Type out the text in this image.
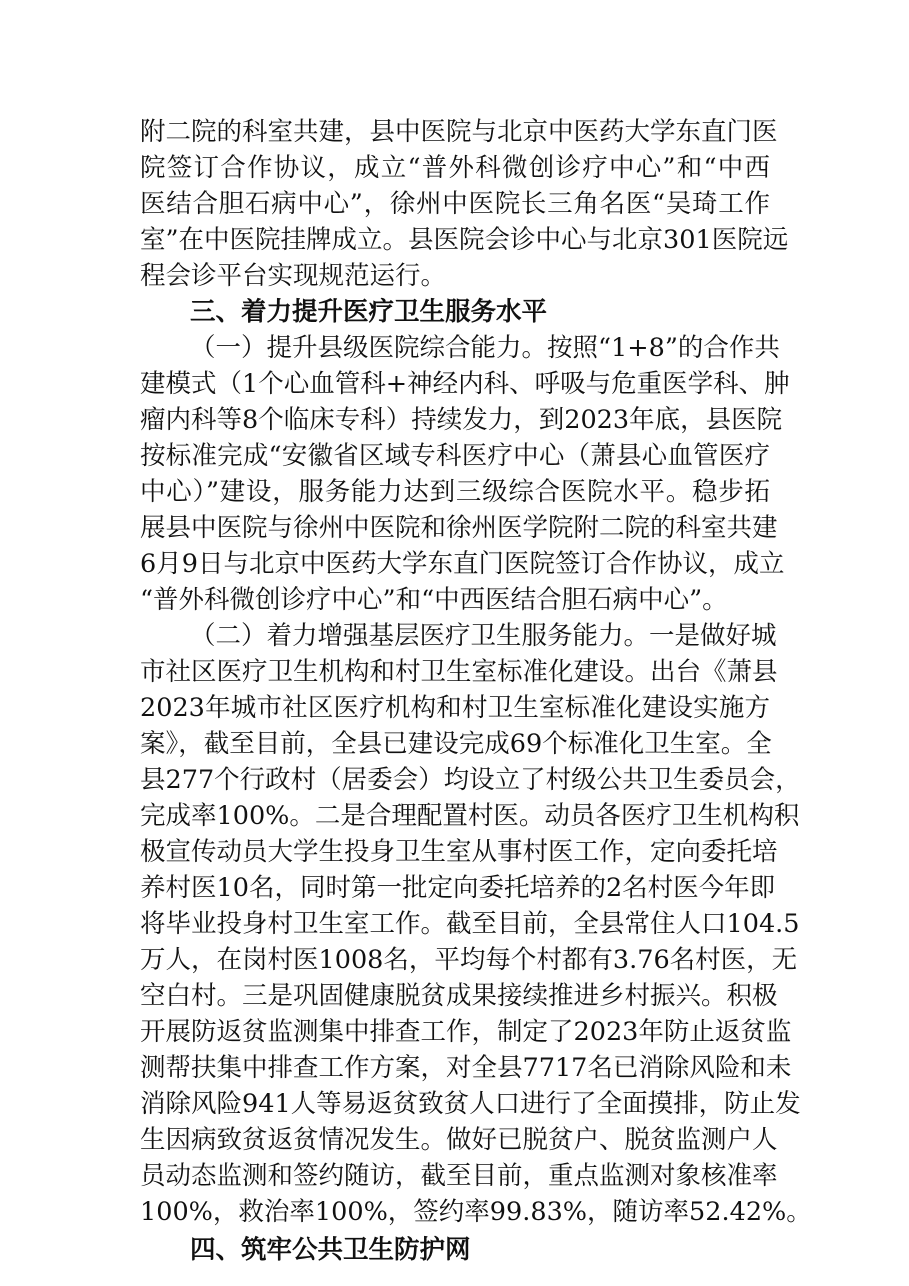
附二院的科室共建，县中医院与北京中医药大学东直门医
院签订合作协议，成立“普外科微创诊疗中心”和“中西
医结合胆石病中心”，徐州中医院长三角名医“吴琦工作
室”在中医院挂牌成立。县医院会诊中心与北京301医院远
程会诊平台实现规范运行。
三、着力提升医疗卫生服务水平
（一）提升县级医院综合能力。按照“1+8”的合作共
建模式（1个心血管科+神经内科、呼吸与危重医学科、肿
瘤内科等8个临床专科）持续发力，到2023年底，县医院
按标准完成“安徽省区域专科医疗中心（萧县心血管医疗
中心）”建设，服务能力达到三级综合医院水平。稳步拓
展县中医院与徐州中医院和徐州医学院附二院的科室共建
6月9日与北京中医药大学东直门医院签订合作协议，成立
“普外科微创诊疗中心”和“中西医结合胆石病中心”。
（二）着力增强基层医疗卫生服务能力。一是做好城
市社区医疗卫生机构和村卫生室标准化建设。出台《萧县
2023年城市社区医疗机构和村卫生室标准化建设实施方
案》，截至目前，全县已建设完成69个标准化卫生室。全
县277个行政村（居委会）均设立了村级公共卫生委员会，
完成率100%。二是合理配置村医。动员各医疗卫生机构积
极宣传动员大学生投身卫生室从事村医工作，定向委托培
养村医10名，同时第一批定向委托培养的2名村医今年即
将毕业投身村卫生室工作。截至目前，全县常住人口104.5
万人，在岗村医1008名，平均每个村都有3.76名村医，无
空白村。三是巩固健康脱贫成果接续推进乡村振兴。积极
开展防返贫监测集中排查工作，制定了2023年防止返贫监
测帮扶集中排查工作方案，对全县7717名已消除风险和未
消除风险941人等易返贫致贫人口进行了全面摸排，防止发
生因病致贫返贫情况发生。做好已脱贫户、脱贫监测户人
员动态监测和签约随访，截至目前，重点监测对象核准率
100%，救治率100%，签约率99.83%，随访率52.42%。
四、筑牢公共卫生防护网
